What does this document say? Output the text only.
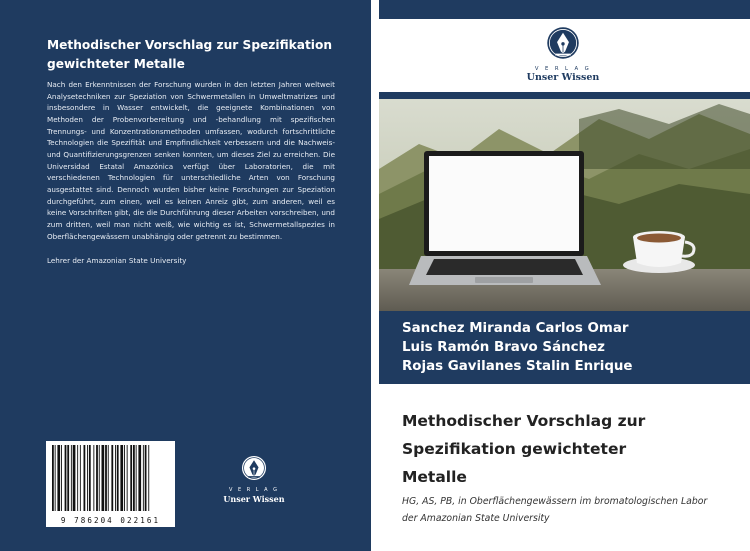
Methodischer Vorschlag zur Spezifikation
gewichteter Metalle
Nach den Erkenntnissen der Forschung wurden in den letzten Jahren weltweit Analysetechniken zur Speziation von Schwermetallen in Umweltmatrizes und insbesondere in Wasser entwickelt, die geeignete Kombinationen von Methoden der Probenvorbereitung und -behandlung mit spezifischen Trennungs- und Konzentrationsmethoden umfassen, wodurch fortschrittliche Technologien die Spezifität und Empfindlichkeit verbessern und die Nachweis- und Quantifizierungsgrenzen senken konnten, um dieses Ziel zu erreichen. Die Universidad Estatal Amazónica verfügt über Laboratorien, die mit verschiedenen Technologien für unterschiedliche Arten von Forschung ausgestattet sind. Dennoch wurden bisher keine Forschungen zur Speziation durchgeführt, zum einen, weil es keinen Anreiz gibt, zum anderen, weil es keine Vorschriften gibt, die die Durchführung dieser Arbeiten vorschreiben, und zum dritten, weil man nicht weiß, wie wichtig es ist, Schwermetallspezies in Oberflächengewässern unabhängig oder getrennt zu bestimmen.
Lehrer der Amazonian State University
9 786204 022161
V E R L A G
Unser Wissen
V E R L A G
Unser Wissen
Sanchez Miranda Carlos Omar
Luis Ramón Bravo Sánchez
Rojas Gavilanes Stalin Enrique
Methodischer Vorschlag zur
Spezifikation gewichteter
Metalle
HG, AS, PB, in Oberflächengewässern im bromatologischen Labor
der Amazonian State University
